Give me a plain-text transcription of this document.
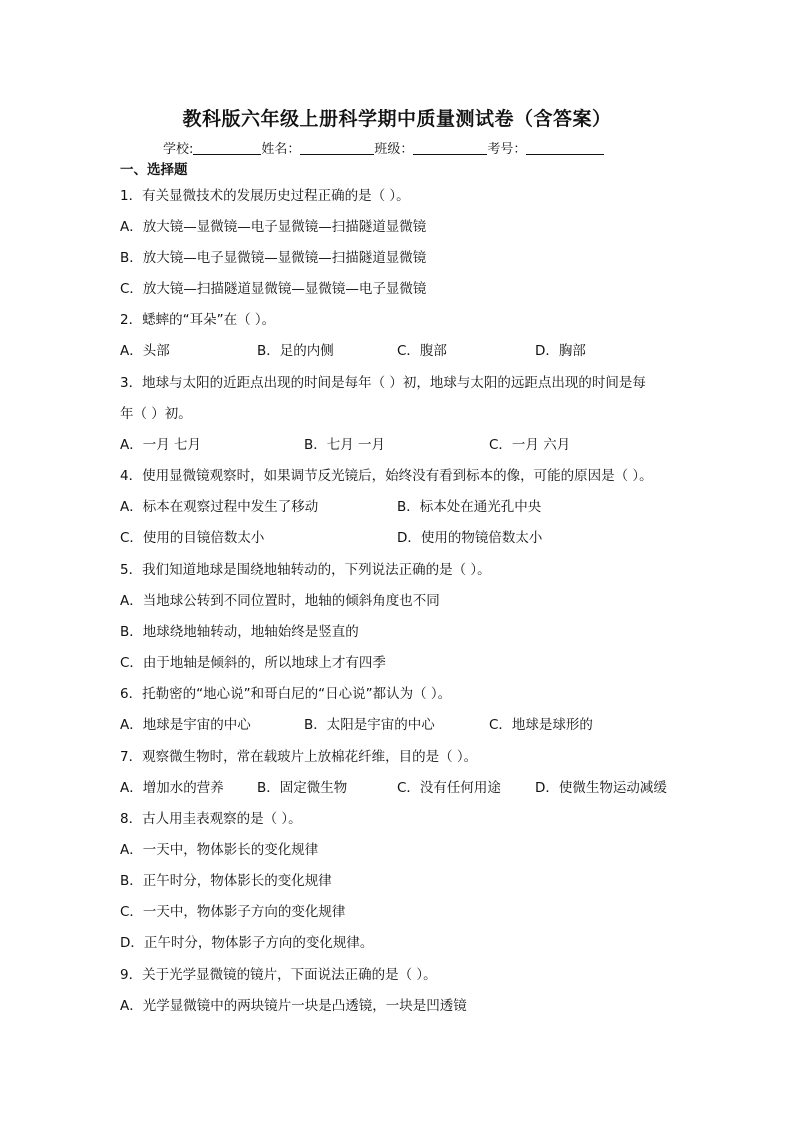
教科版六年级上册科学期中质量测试卷（含答案）
学校:	姓名：	班级：	考号：
一、选择题
1．有关显微技术的发展历史过程正确的是（ ）。
A．放大镜—显微镜—电子显微镜—扫描隧道显微镜
B．放大镜—电子显微镜—显微镜—扫描隧道显微镜
C．放大镜—扫描隧道显微镜—显微镜—电子显微镜
2．蟋蟀的“耳朵”在（ ）。
A．头部	B．足的内侧	C．腹部	D．胸部
3．地球与太阳的近距点出现的时间是每年（ ）初，地球与太阳的远距点出现的时间是每
年（ ）初。
A．一月 七月	B．七月 一月	C．一月 六月
4．使用显微镜观察时，如果调节反光镜后，始终没有看到标本的像，可能的原因是（ ）。
A．标本在观察过程中发生了移动	B．标本处在通光孔中央
C．使用的目镜倍数太小	D．使用的物镜倍数太小
5．我们知道地球是围绕地轴转动的，下列说法正确的是（ ）。
A．当地球公转到不同位置时，地轴的倾斜角度也不同
B．地球绕地轴转动，地轴始终是竖直的
C．由于地轴是倾斜的，所以地球上才有四季
6．托勒密的“地心说”和哥白尼的“日心说”都认为（ ）。
A．地球是宇宙的中心	B．太阳是宇宙的中心	C．地球是球形的
7．观察微生物时，常在载玻片上放棉花纤维，目的是（ ）。
A．增加水的营养 B．固定微生物	C．没有任何用途	D．使微生物运动减缓
8．古人用圭表观察的是（ ）。
A．一天中，物体影长的变化规律
B．正午时分，物体影长的变化规律
C．一天中，物体影子方向的变化规律
D．正午时分，物体影子方向的变化规律。
9．关于光学显微镜的镜片，下面说法正确的是（ ）。
A．光学显微镜中的两块镜片一块是凸透镜，一块是凹透镜
